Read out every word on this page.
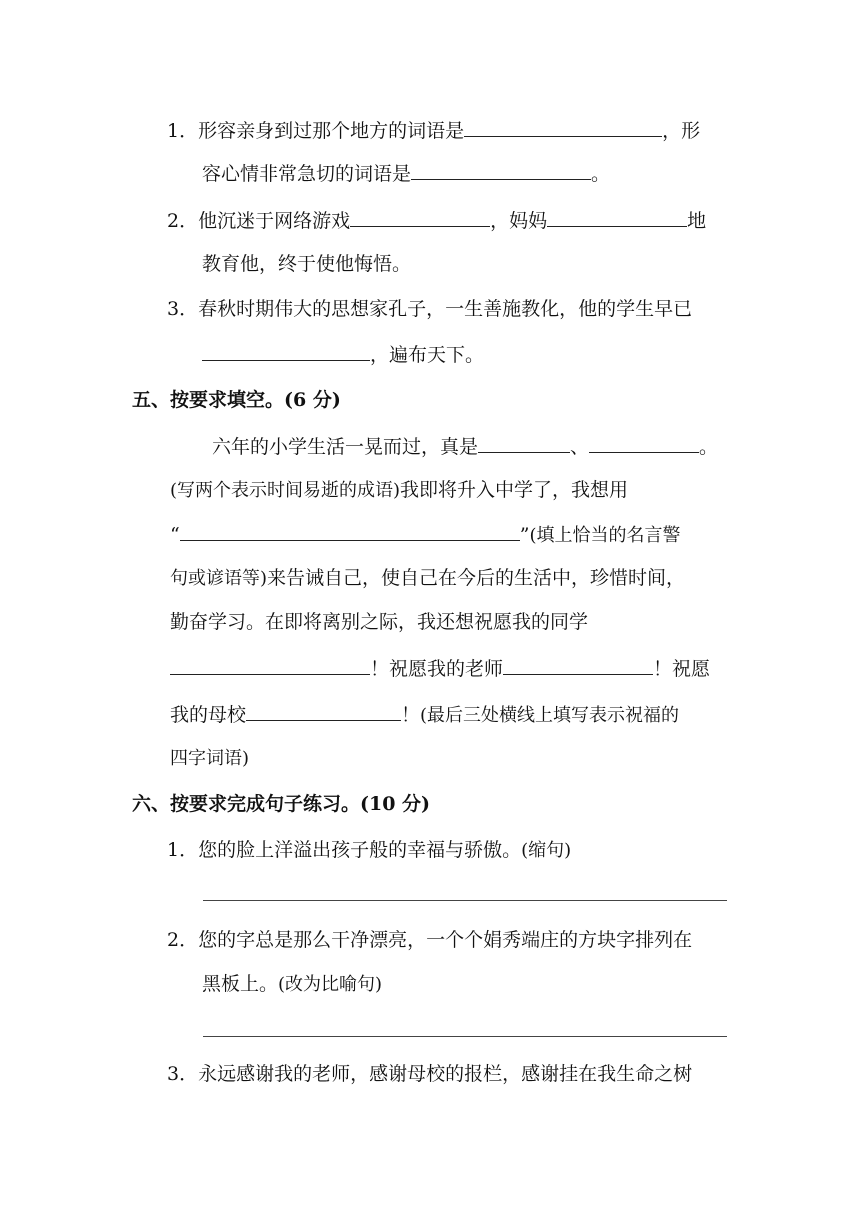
1．形容亲身到过那个地方的词语是	，形
容心情非常急切的词语是	。
2．他沉迷于网络游戏	，妈妈	地
教育他，终于使他悔悟。
3．春秋时期伟大的思想家孔子，一生善施教化，他的学生早已
，遍布天下。
五、按要求填空。(6 分)
六年的小学生活一晃而过，真是	、	。
(写两个表示时间易逝的成语)我即将升入中学了，我想用
“	”(填上恰当的名言警
句或谚语等)来告诫自己，使自己在今后的生活中，珍惜时间，
勤奋学习。在即将离别之际，我还想祝愿我的同学
！祝愿我的老师	！祝愿
我的母校	！(最后三处横线上填写表示祝福的
四字词语)
六、按要求完成句子练习。(10 分)
1．您的脸上洋溢出孩子般的幸福与骄傲。(缩句)
2．您的字总是那么干净漂亮，一个个娟秀端庄的方块字排列在
黑板上。(改为比喻句)
3．永远感谢我的老师，感谢母校的报栏，感谢挂在我生命之树
